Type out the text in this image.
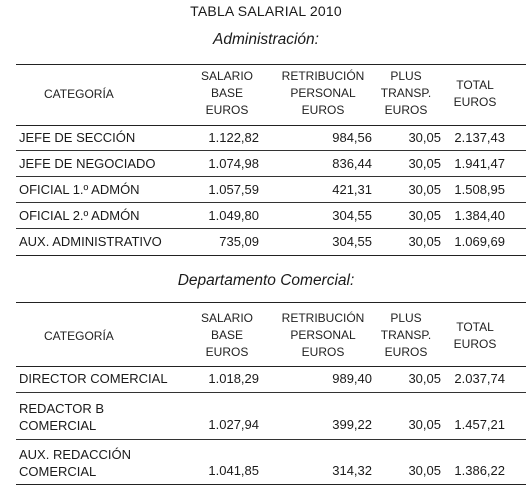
TABLA SALARIAL 2010
Administración:
CATEGORÍA
SALARIO
BASE
EUROS
RETRIBUCIÓN
PERSONAL
EUROS
PLUS
TRANSP.
EUROS
TOTAL
EUROS
JEFE DE SECCIÓN	1.122,82	984,56	30,05 2.137,43
JEFE DE NEGOCIADO	1.074,98	836,44	30,05 1.941,47
OFICIAL 1.º ADMÓN	1.057,59	421,31	30,05 1.508,95
OFICIAL 2.º ADMÓN	1.049,80	304,55	30,05 1.384,40
AUX. ADMINISTRATIVO	735,09	304,55	30,05 1.069,69
Departamento Comercial:
CATEGORÍA
SALARIO
BASE
EUROS
RETRIBUCIÓN
PERSONAL
EUROS
PLUS
TRANSP.
EUROS
TOTAL
EUROS
DIRECTOR COMERCIAL	1.018,29	989,40	30,05 2.037,74
REDACTOR B
COMERCIAL	1.027,94	399,22	30,05 1.457,21
AUX. REDACCIÓN
COMERCIAL	1.041,85	314,32	30,05 1.386,22
